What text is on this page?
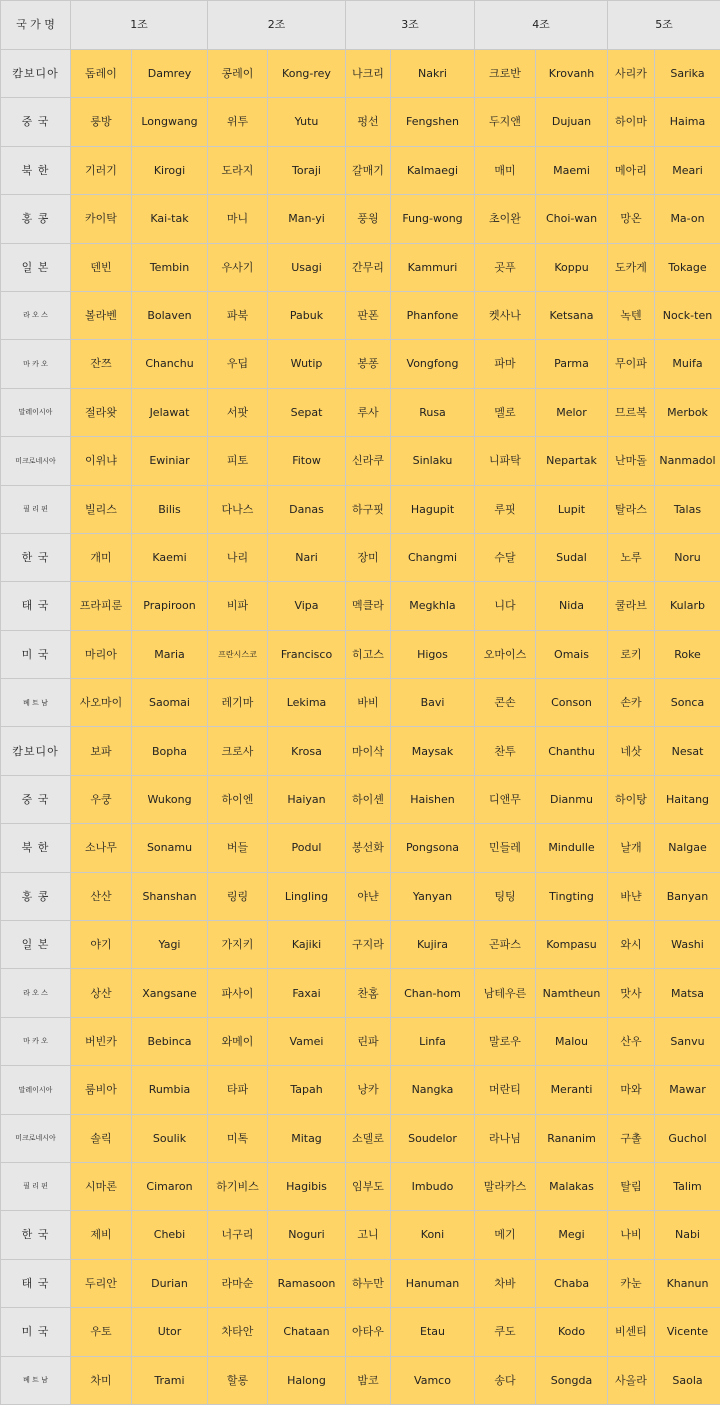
국 가 명	1조		2조		3조		4조		5조	
캄보디아	돔레이	Damrey	콩레이	Kong-rey	나크리	Nakri	크로반	Krovanh	사리카	Sarika
중 국	룽방	Longwang	위투	Yutu	펑선	Fengshen	두지앤	Dujuan	하이마	Haima
북 한	기러기	Kirogi	도라지	Toraji	갈매기	Kalmaegi	매미	Maemi	메아리	Meari
홍 콩	카이탁	Kai-tak	마니	Man-yi	풍웡	Fung-wong	초이완	Choi-wan	망온	Ma-on
일 본	덴빈	Tembin	우사기	Usagi	간무리	Kammuri	곳푸	Koppu	도카게	Tokage
라 오 스	볼라벤	Bolaven	파북	Pabuk	판폰	Phanfone	켓사나	Ketsana	녹텐	Nock-ten
마 카 오	잔쯔	Chanchu	우딥	Wutip	봉퐁	Vongfong	파마	Parma	무이파	Muifa
말레이시아	절라왓	Jelawat	서팟	Sepat	루사	Rusa	멜로	Melor	므르복	Merbok
미크로네시아	이위냐	Ewiniar	피토	Fitow	신라쿠	Sinlaku	니파탁	Nepartak	난마돌	Nanmadol
필 리 핀	빌리스	Bilis	다나스	Danas	하구핏	Hagupit	루핏	Lupit	탈라스	Talas
한 국	개미	Kaemi	나리	Nari	장미	Changmi	수달	Sudal	노루	Noru
태 국	프라피룬	Prapiroon	비파	Vipa	멕클라	Megkhla	니다	Nida	쿨라브	Kularb
미 국	마리아	Maria	프란시스코	Francisco	히고스	Higos	오마이스	Omais	로키	Roke
베 트 남	사오마이	Saomai	레기마	Lekima	바비	Bavi	콘손	Conson	손카	Sonca
캄보디아	보파	Bopha	크로사	Krosa	마이삭	Maysak	찬투	Chanthu	네삿	Nesat
중 국	우쿵	Wukong	하이엔	Haiyan	하이셴	Haishen	디앤무	Dianmu	하이탕	Haitang
북 한	소나무	Sonamu	버들	Podul	봉선화	Pongsona	민들레	Mindulle	날개	Nalgae
홍 콩	산산	Shanshan	링링	Lingling	야냔	Yanyan	팅팅	Tingting	바냔	Banyan
일 본	야기	Yagi	가지키	Kajiki	구지라	Kujira	곤파스	Kompasu	와시	Washi
라 오 스	상산	Xangsane	파사이	Faxai	찬홈	Chan-hom	남테우른	Namtheun	맛사	Matsa
마 카 오	버빈카	Bebinca	와메이	Vamei	린파	Linfa	말로우	Malou	산우	Sanvu
말레이시아	룸비아	Rumbia	타파	Tapah	낭카	Nangka	머란티	Meranti	마와	Mawar
미크로네시아	솔릭	Soulik	미톡	Mitag	소델로	Soudelor	라나님	Rananim	구촐	Guchol
필 리 핀	시마론	Cimaron	하기비스	Hagibis	임부도	Imbudo	말라카스	Malakas	탈림	Talim
한 국	제비	Chebi	너구리	Noguri	고니	Koni	메기	Megi	나비	Nabi
태 국	두리안	Durian	라마순	Ramasoon	하누만	Hanuman	차바	Chaba	카눈	Khanun
미 국	우토	Utor	차타안	Chataan	아타우	Etau	쿠도	Kodo	비센티	Vicente
베 트 남	차미	Trami	할롱	Halong	밤코	Vamco	송다	Songda	사올라	Saola
